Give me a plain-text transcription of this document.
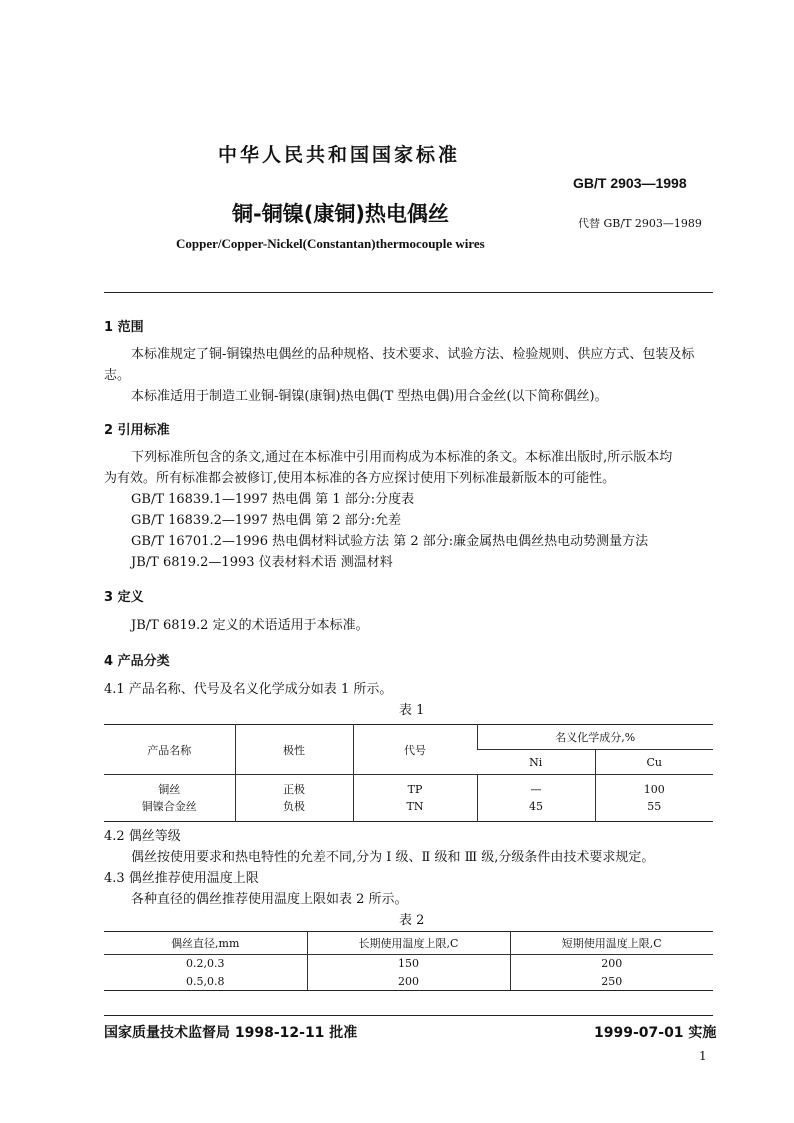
中华人民共和国国家标准
GB/T 2903—1998
铜-铜镍(康铜)热电偶丝	代替 GB/T 2903—1989
Copper/Copper-Nickel(Constantan)thermocouple wires
1 范围
本标准规定了铜-铜镍热电偶丝的品种规格、技术要求、试验方法、检验规则、供应方式、包装及标
志。
本标准适用于制造工业铜-铜镍(康铜)热电偶(T 型热电偶)用合金丝(以下简称偶丝)。
2 引用标准
下列标准所包含的条文,通过在本标准中引用而构成为本标准的条文。本标准出版时,所示版本均
为有效。所有标准都会被修订,使用本标准的各方应探讨使用下列标准最新版本的可能性。
GB/T 16839.1—1997 热电偶 第 1 部分:分度表
GB/T 16839.2—1997 热电偶 第 2 部分:允差
GB/T 16701.2—1996 热电偶材料试验方法 第 2 部分:廉金属热电偶丝热电动势测量方法
JB/T 6819.2—1993 仪表材料术语 测温材料
3 定义
JB/T 6819.2 定义的术语适用于本标准。
4 产品分类
4.1 产品名称、代号及名义化学成分如表 1 所示。
表 1
产品名称	极性	代号	名义化学成分,%	
			Ni	Cu
铜丝	正极	TP	—	100
铜镍合金丝	负极	TN	45	55
4.2 偶丝等级
偶丝按使用要求和热电特性的允差不同,分为 Ⅰ 级、Ⅱ 级和 Ⅲ 级,分级条件由技术要求规定。
4.3 偶丝推荐使用温度上限
各种直径的偶丝推荐使用温度上限如表 2 所示。
表 2
偶丝直径,mm	长期使用温度上限,C	短期使用温度上限,C
0.2,0.3	150	200
0.5,0.8	200	250
国家质量技术监督局 1998-12-11 批准	1999-07-01 实施
1
